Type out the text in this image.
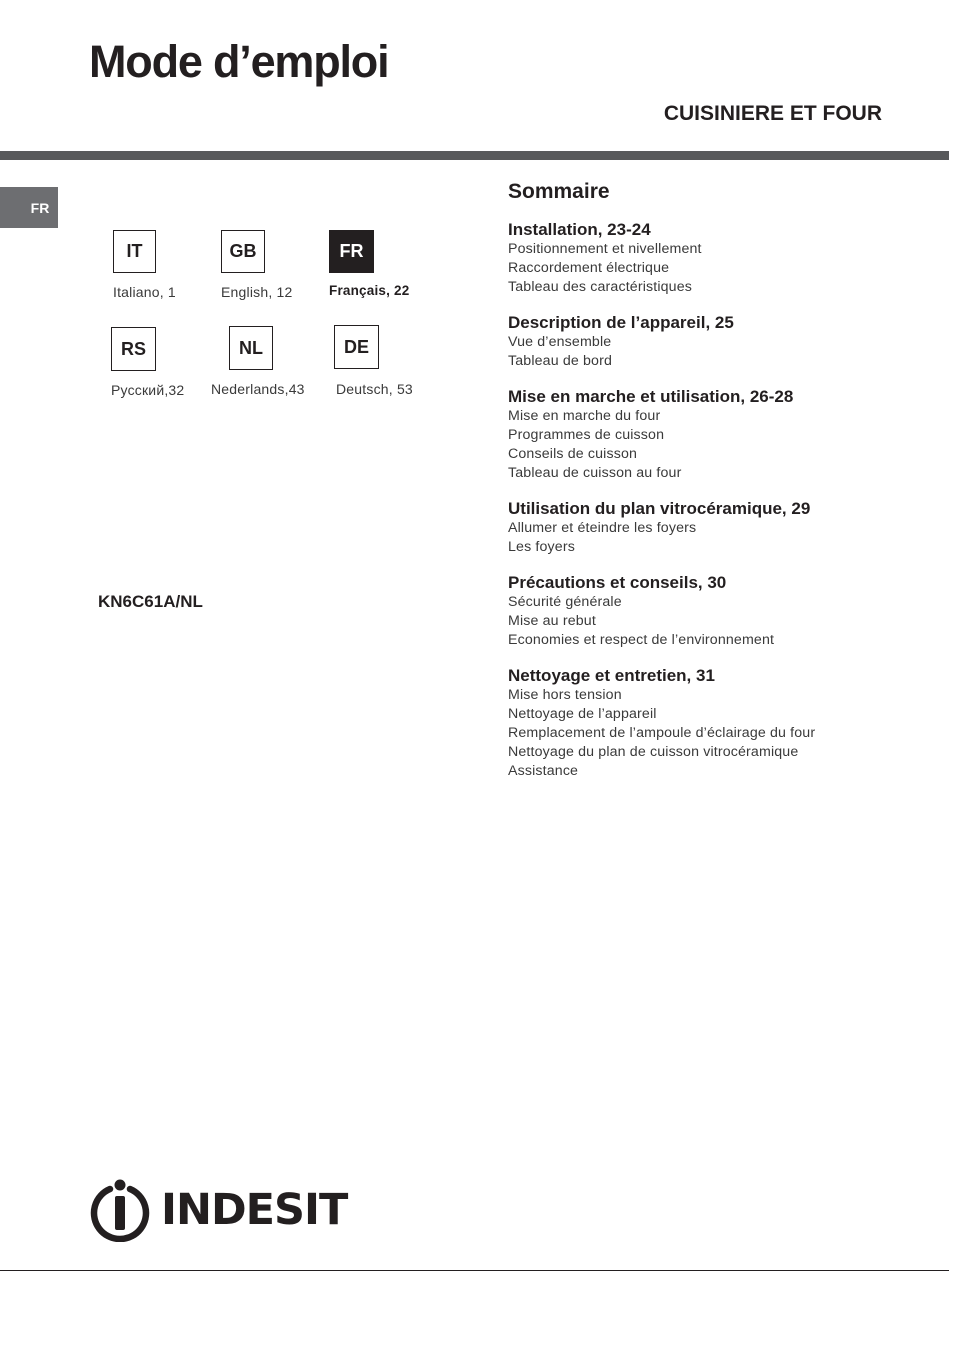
Mode d’emploi
CUISINIERE ET FOUR
FR
IT
Italiano, 1
GB
English, 12
FR
Français, 22
RS
Русский,32
NL
Nederlands,43
DE
Deutsch, 53
KN6C61A/NL
Sommaire
Installation, 23-24
Positionnement et nivellement
Raccordement électrique
Tableau des caractéristiques
Description de l’appareil, 25
Vue d’ensemble
Tableau de bord
Mise en marche et utilisation, 26-28
Mise en marche du four
Programmes de cuisson
Conseils de cuisson
Tableau de cuisson au four
Utilisation du plan vitrocéramique, 29
Allumer et éteindre les foyers
Les foyers
Précautions et conseils, 30
Sécurité générale
Mise au rebut
Economies et respect de l’environnement
Nettoyage et entretien, 31
Mise hors tension
Nettoyage de l’appareil
Remplacement de l’ampoule d’éclairage du four
Nettoyage du plan de cuisson vitrocéramique
Assistance
INDESIT
